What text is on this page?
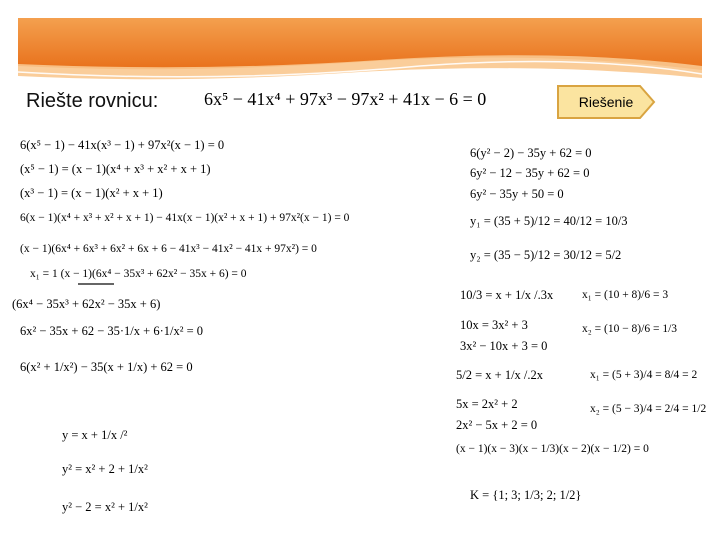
Riešte rovnicu:	6x⁵ − 41x⁴ + 97x³ − 97x² + 41x − 6 = 0	Riešenie
6(x⁵ − 1) − 41x(x³ − 1) + 97x²(x − 1) = 0
(x⁵ − 1) = (x − 1)(x⁴ + x³ + x² + x + 1)
(x³ − 1) = (x − 1)(x² + x + 1)
6(x − 1)(x⁴ + x³ + x² + x + 1) − 41x(x − 1)(x² + x + 1) + 97x²(x − 1) = 0
(x − 1)(6x⁴ + 6x³ + 6x² + 6x + 6 − 41x³ − 41x² − 41x + 97x²) = 0
x₁ = 1 (x − 1)(6x⁴ − 35x³ + 62x² − 35x + 6) = 0
(6x⁴ − 35x³ + 62x² − 35x + 6)
6x² − 35x + 62 − 35·1/x + 6·1/x² = 0
6(x² + 1/x²) − 35(x + 1/x) + 62 = 0
y = x + 1/x /²
y² = x² + 2 + 1/x²
y² − 2 = x² + 1/x²
6(y² − 2) − 35y + 62 = 0
6y² − 12 − 35y + 62 = 0
6y² − 35y + 50 = 0
y₁ = (35 + 5)/12 = 40/12 = 10/3
y₂ = (35 − 5)/12 = 30/12 = 5/2
10/3 = x + 1/x /.3x
10x = 3x² + 3
3x² − 10x + 3 = 0
5/2 = x + 1/x /.2x
5x = 2x² + 2
2x² − 5x + 2 = 0
(x − 1)(x − 3)(x − 1/3)(x − 2)(x − 1/2) = 0
K = {1; 3; 1/3; 2; 1/2}
x₁ = (10 + 8)/6 = 3
x₂ = (10 − 8)/6 = 1/3
x₁ = (5 + 3)/4 = 8/4 = 2
x₂ = (5 − 3)/4 = 2/4 = 1/2
